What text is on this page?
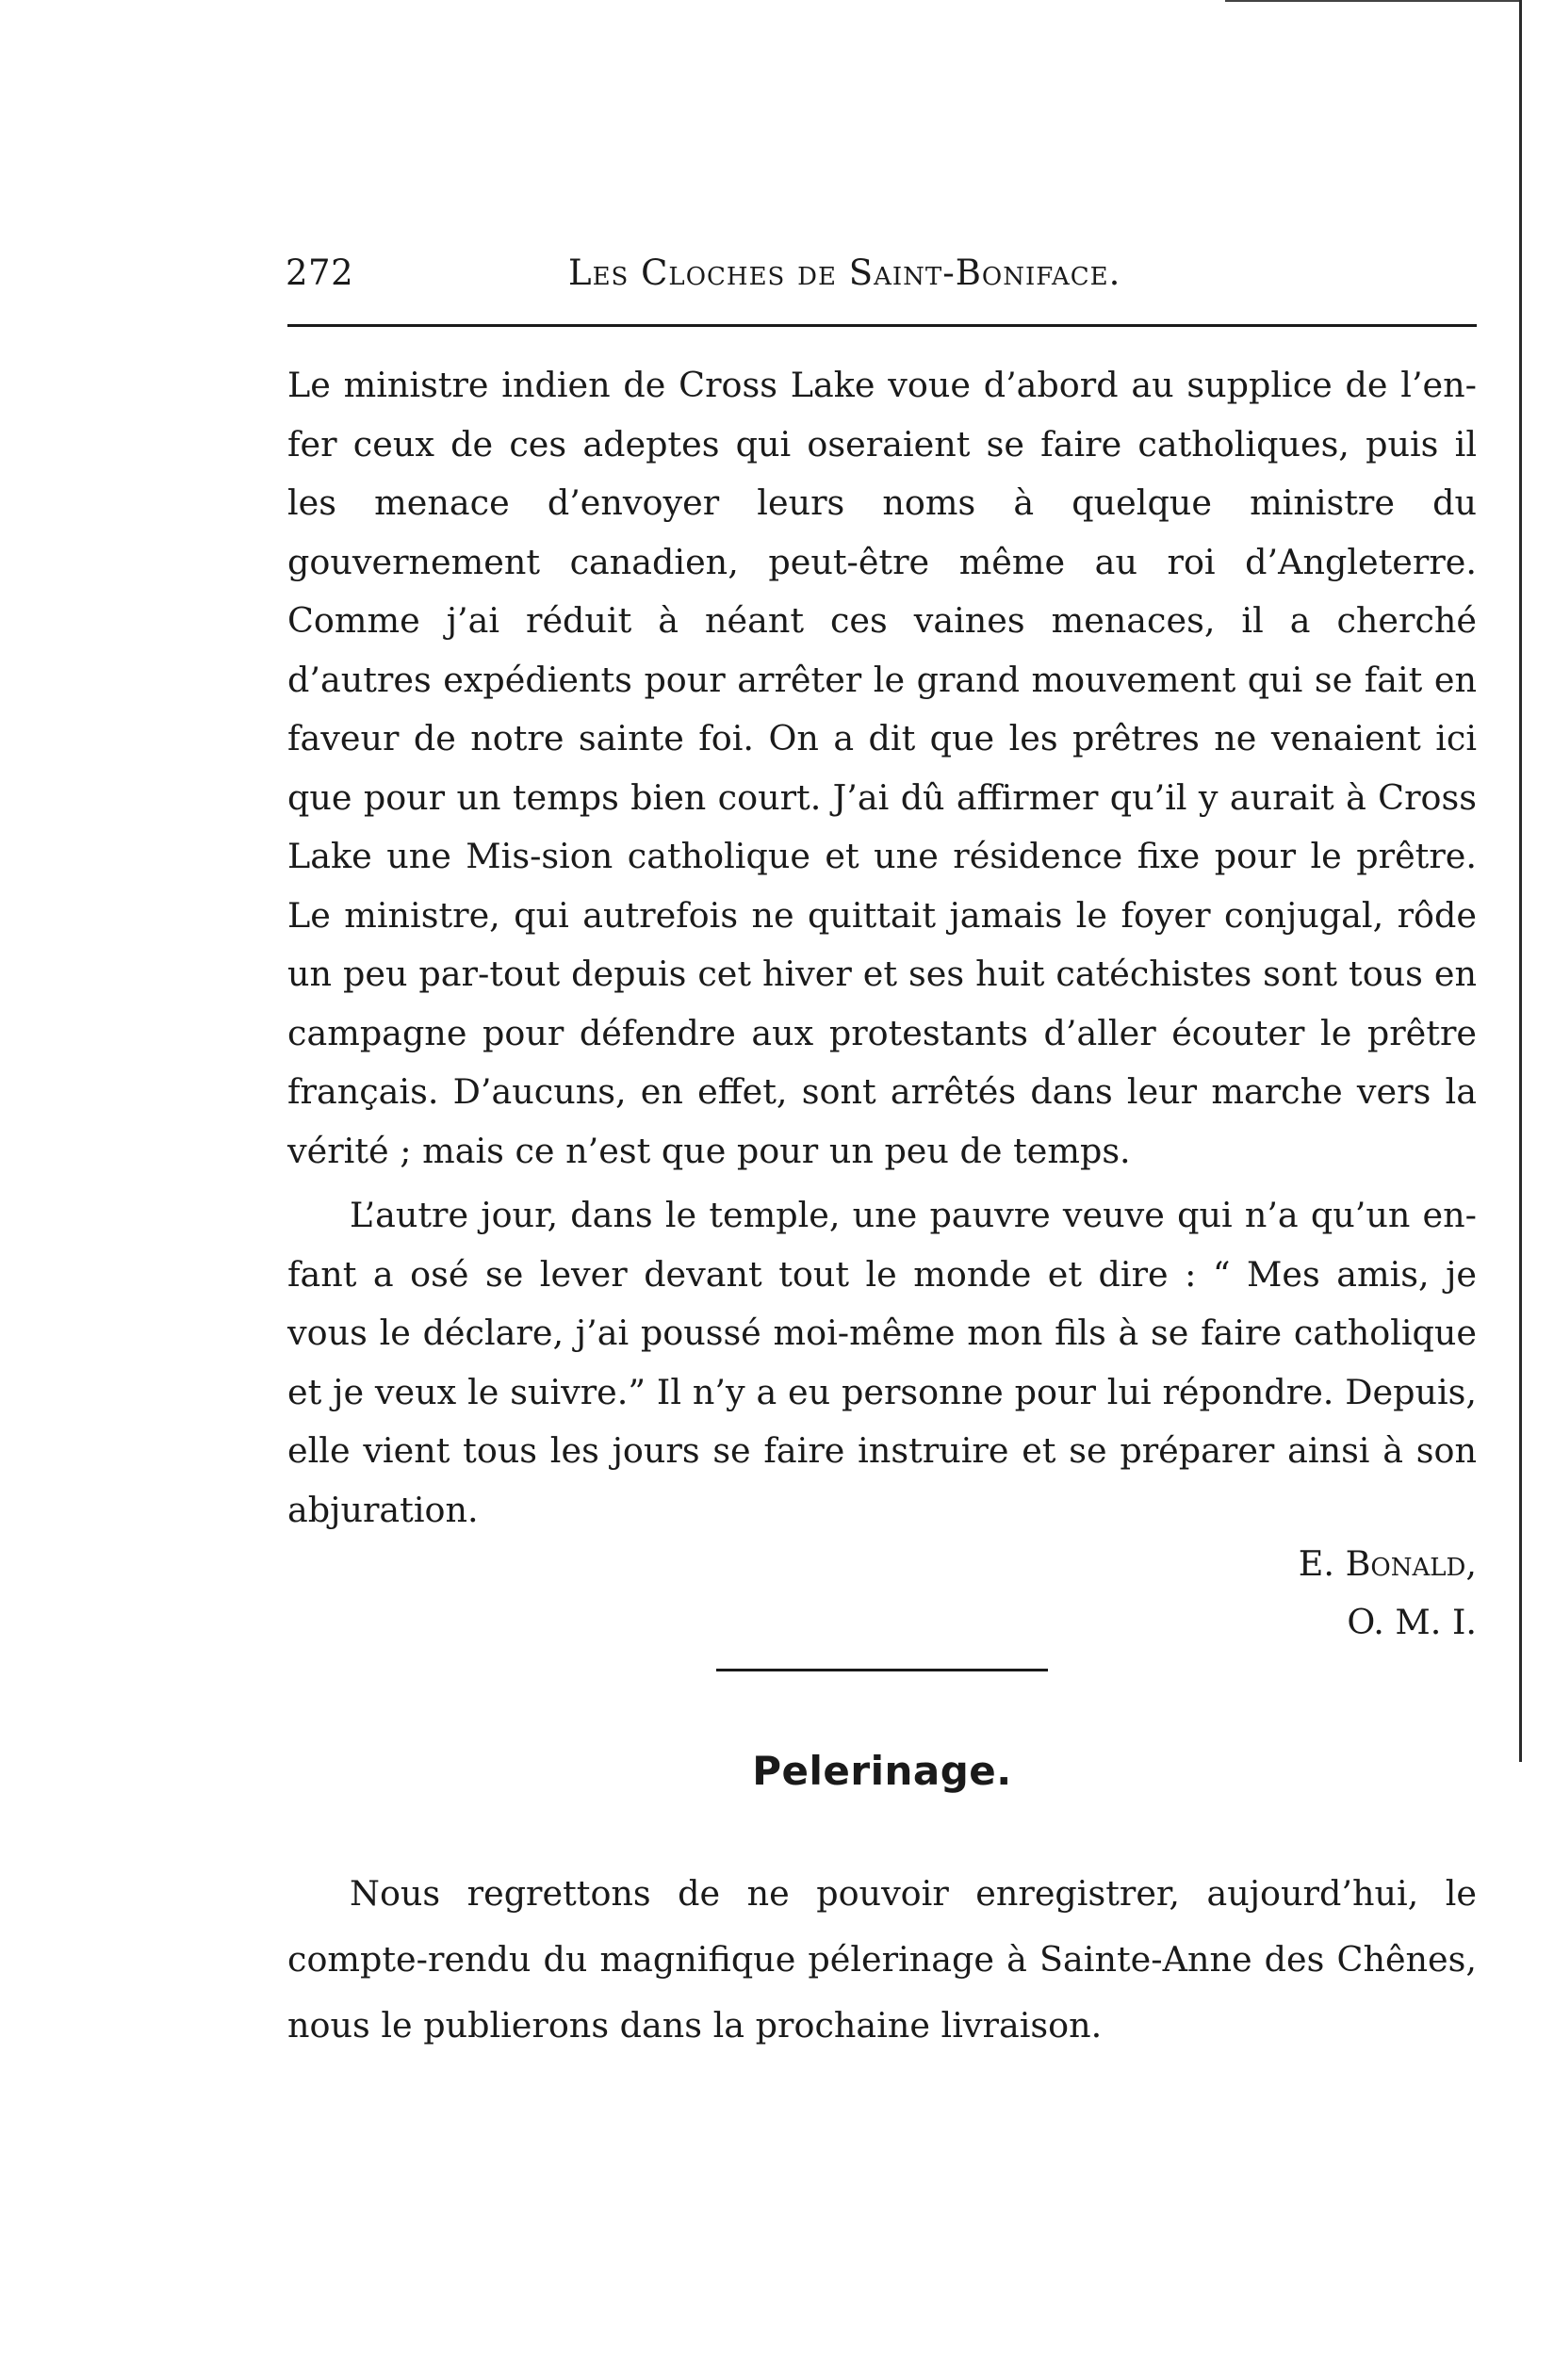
272	Les Cloches de Saint-Boniface.

Le ministre indien de Cross Lake voue d’abord au supplice de l’en-fer ceux de ces adeptes qui oseraient se faire catholiques, puis il les menace d’envoyer leurs noms à quelque ministre du gouvernement canadien, peut-être même au roi d’Angleterre. Comme j’ai réduit à néant ces vaines menaces, il a cherché d’autres expédients pour arrêter le grand mouvement qui se fait en faveur de notre sainte foi. On a dit que les prêtres ne venaient ici que pour un temps bien court. J’ai dû affirmer qu’il y aurait à Cross Lake une Mis-sion catholique et une résidence fixe pour le prêtre. Le ministre, qui autrefois ne quittait jamais le foyer conjugal, rôde un peu par-tout depuis cet hiver et ses huit catéchistes sont tous en campagne pour défendre aux protestants d’aller écouter le prêtre français. D’aucuns, en effet, sont arrêtés dans leur marche vers la vérité ; mais ce n’est que pour un peu de temps.

L’autre jour, dans le temple, une pauvre veuve qui n’a qu’un en-fant a osé se lever devant tout le monde et dire : “ Mes amis, je vous le déclare, j’ai poussé moi-même mon fils à se faire catholique et je veux le suivre.” Il n’y a eu personne pour lui répondre. Depuis, elle vient tous les jours se faire instruire et se préparer ainsi à son abjuration.

E. Bonald,
O. M. I.
Pelerinage.

Nous regrettons de ne pouvoir enregistrer, aujourd’hui, le compte-rendu du magnifique pélerinage à Sainte-Anne des Chênes, nous le publierons dans la prochaine livraison.
